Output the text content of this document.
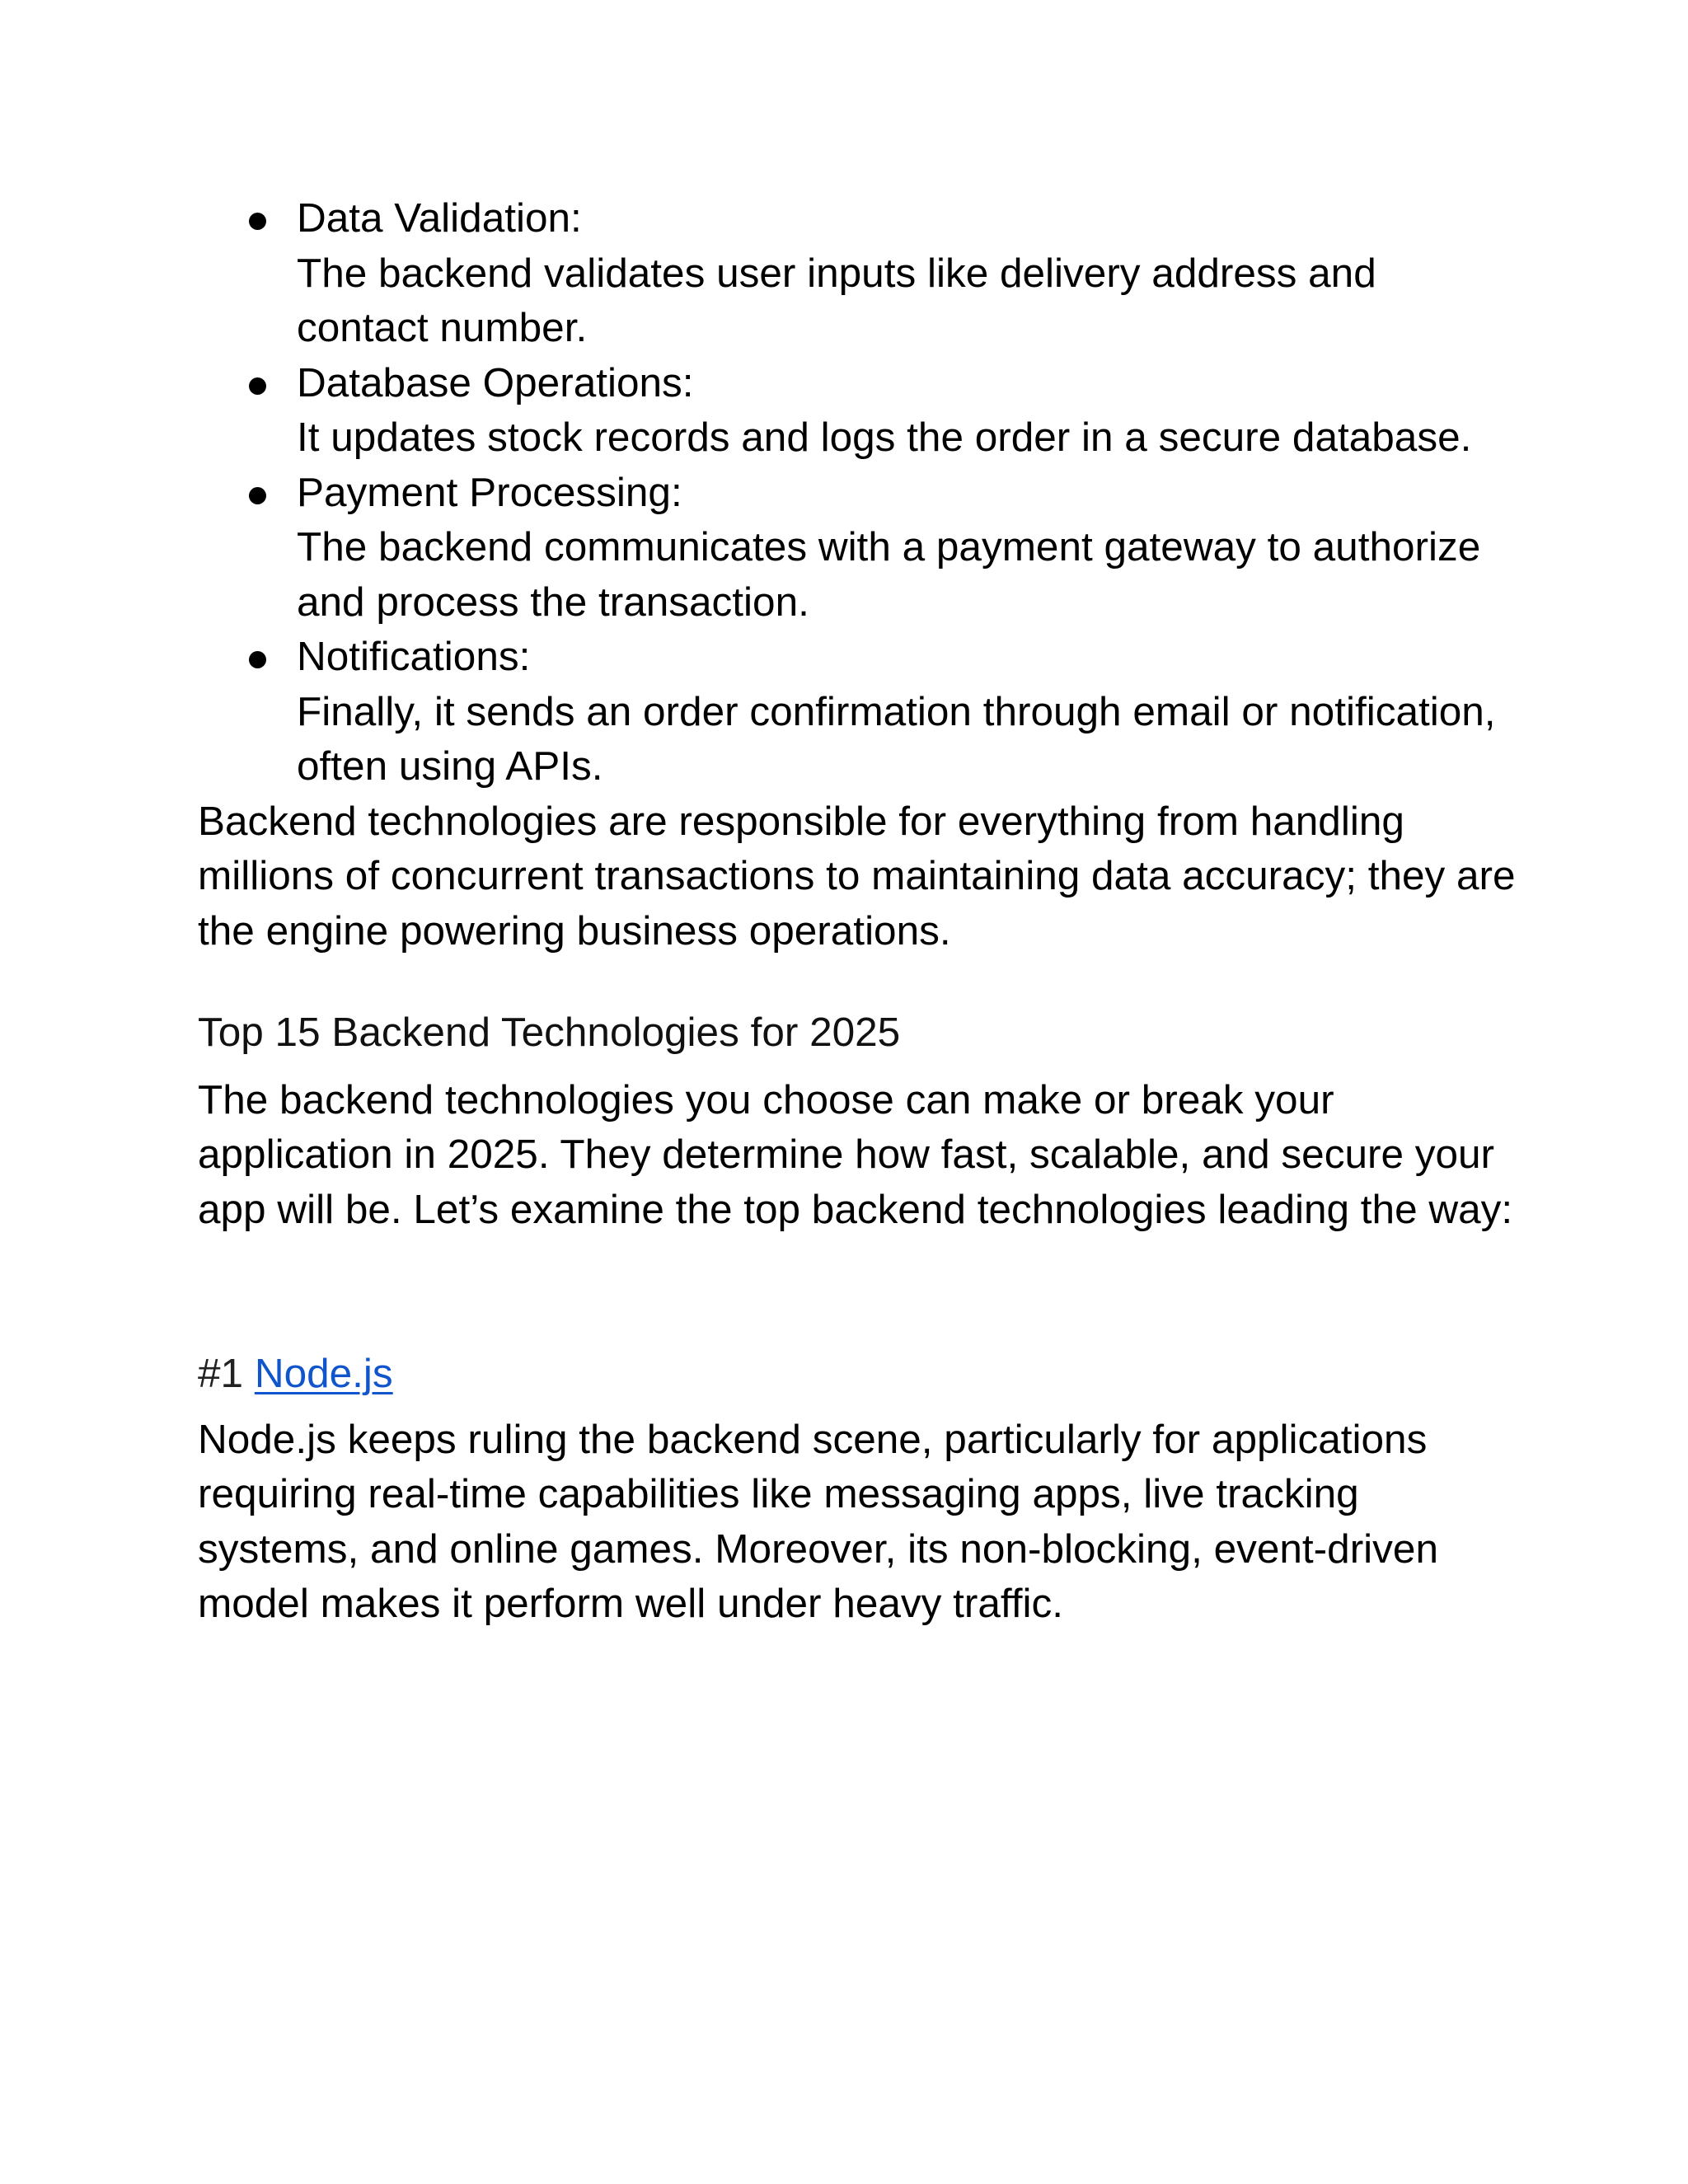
Data Validation:
The backend validates user inputs like delivery address and contact number.
Database Operations:
It updates stock records and logs the order in a secure database.
Payment Processing:
The backend communicates with a payment gateway to authorize and process the transaction.
Notifications:
Finally, it sends an order confirmation through email or notification, often using APIs.

Backend technologies are responsible for everything from handling millions of concurrent transactions to maintaining data accuracy; they are the engine powering business operations.

Top 15 Backend Technologies for 2025

The backend technologies you choose can make or break your application in 2025. They determine how fast, scalable, and secure your app will be. Let’s examine the top backend technologies leading the way:

#1 Node.js

Node.js keeps ruling the backend scene, particularly for applications requiring real-time capabilities like messaging apps, live tracking systems, and online games. Moreover, its non-blocking, event-driven model makes it perform well under heavy traffic.
